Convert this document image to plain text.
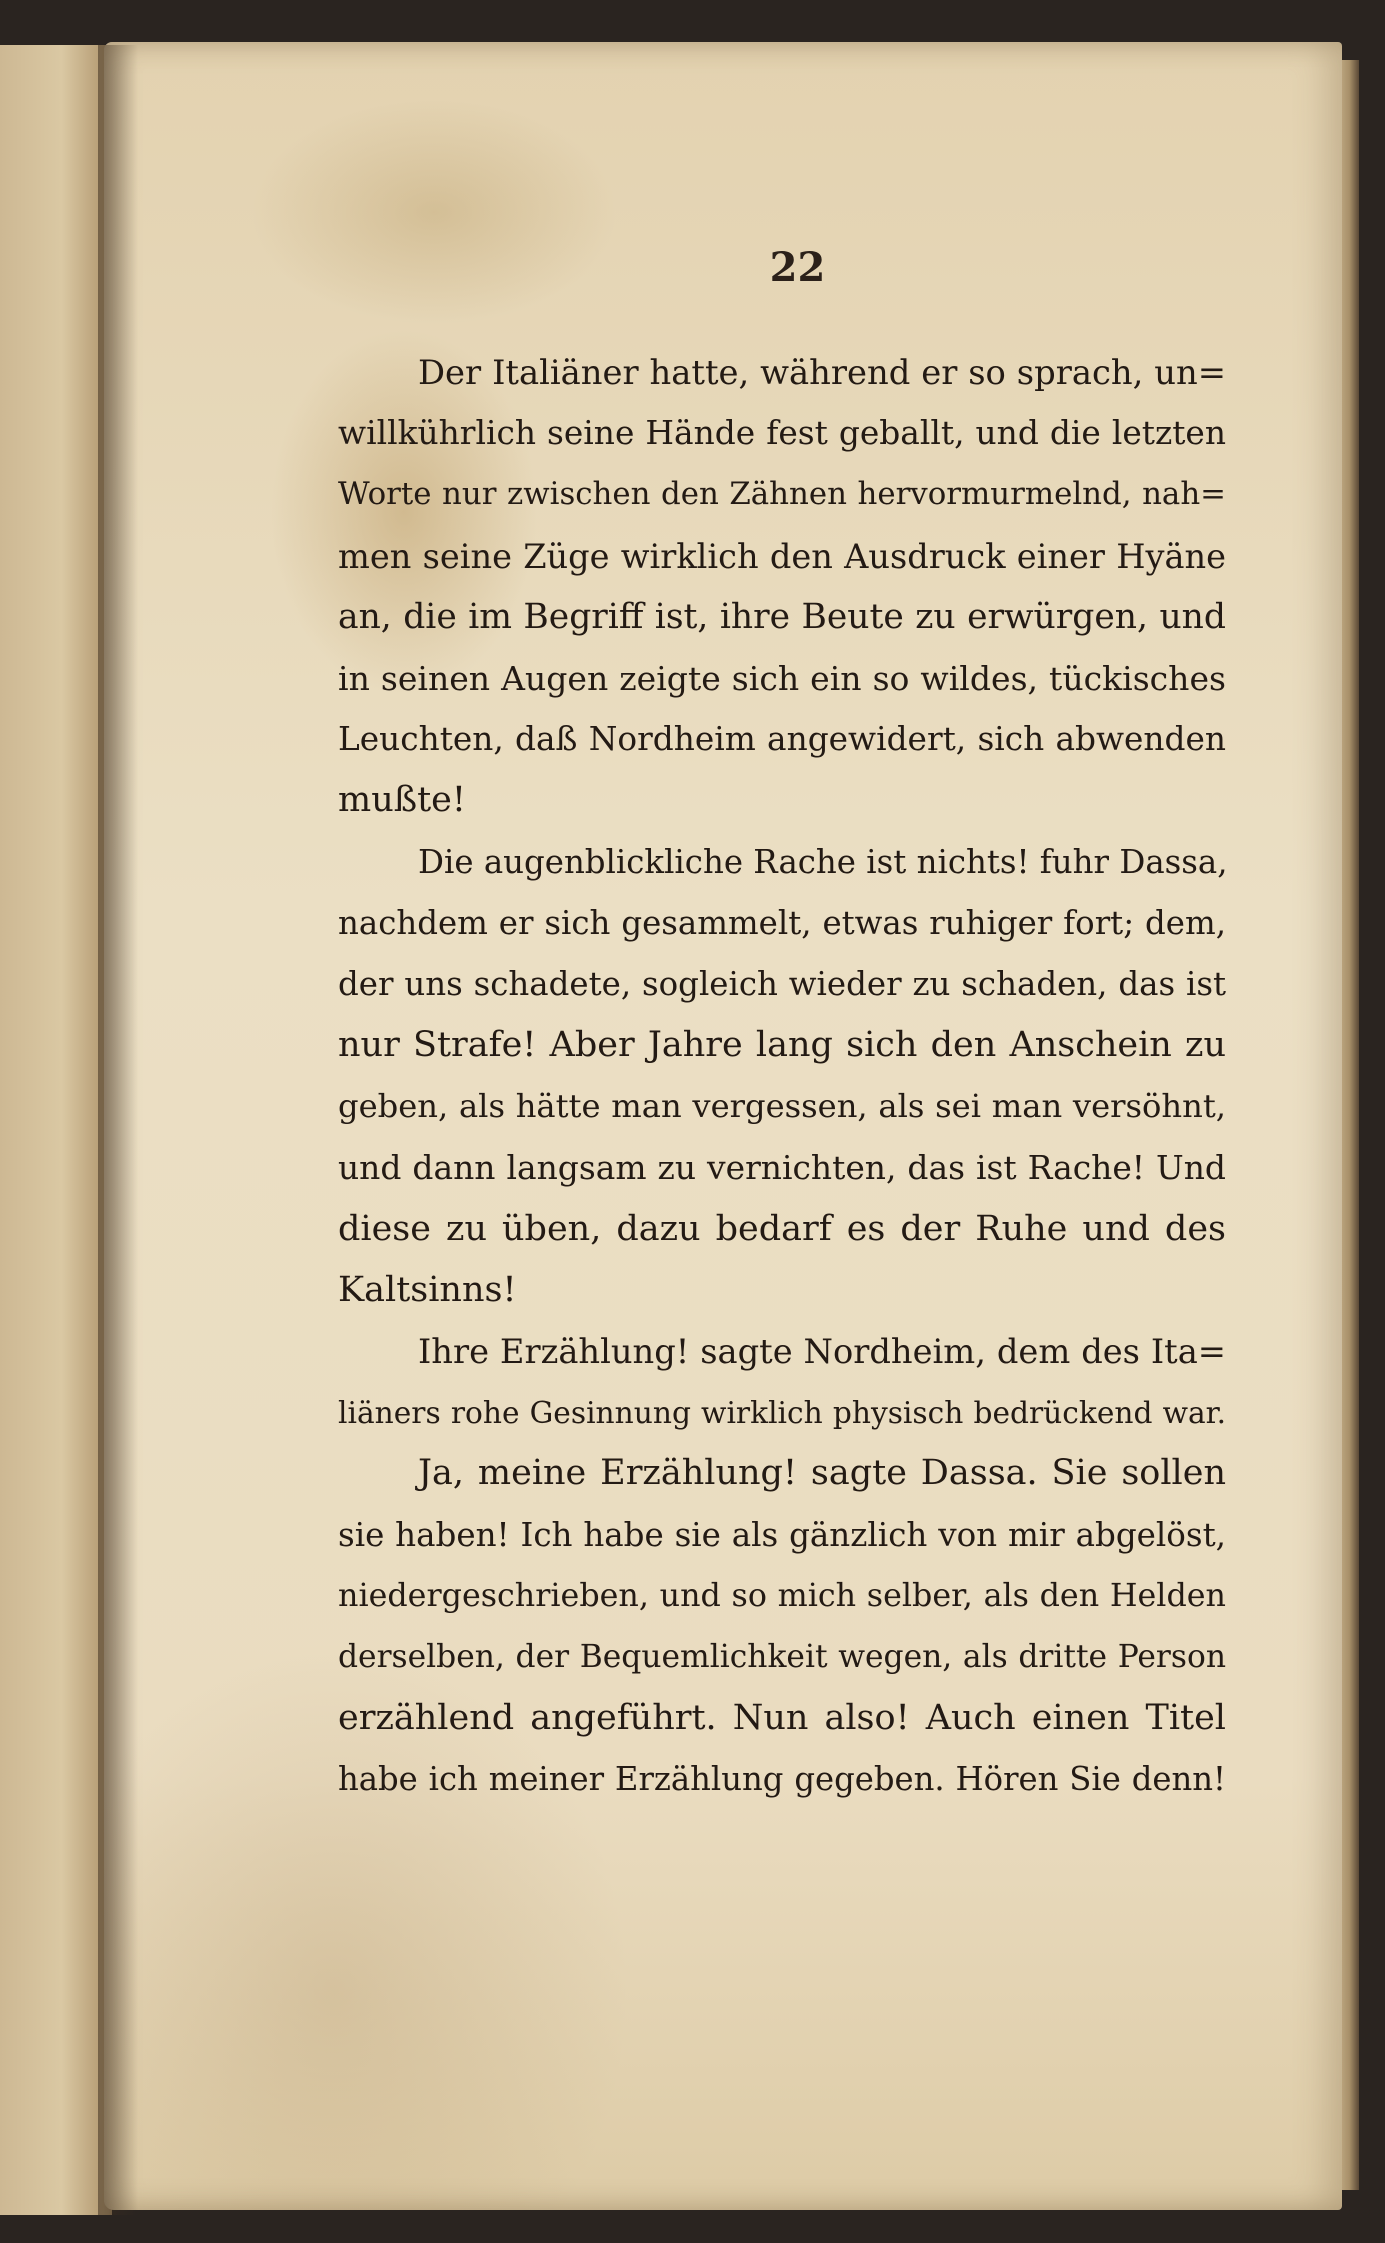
22
Der Italiäner hatte, während er so sprach, un=
willkührlich seine Hände fest geballt, und die letzten
Worte nur zwischen den Zähnen hervormurmelnd, nah=
men seine Züge wirklich den Ausdruck einer Hyäne
an, die im Begriff ist, ihre Beute zu erwürgen, und
in seinen Augen zeigte sich ein so wildes, tückisches
Leuchten, daß Nordheim angewidert, sich abwenden
mußte!
Die augenblickliche Rache ist nichts! fuhr Dassa,
nachdem er sich gesammelt, etwas ruhiger fort; dem,
der uns schadete, sogleich wieder zu schaden, das ist
nur Strafe! Aber Jahre lang sich den Anschein zu
geben, als hätte man vergessen, als sei man versöhnt,
und dann langsam zu vernichten, das ist Rache! Und
diese zu üben, dazu bedarf es der Ruhe und des
Kaltsinns!
Ihre Erzählung! sagte Nordheim, dem des Ita=
liäners rohe Gesinnung wirklich physisch bedrückend war.
Ja, meine Erzählung! sagte Dassa. Sie sollen
sie haben! Ich habe sie als gänzlich von mir abgelöst,
niedergeschrieben, und so mich selber, als den Helden
derselben, der Bequemlichkeit wegen, als dritte Person
erzählend angeführt. Nun also! Auch einen Titel
habe ich meiner Erzählung gegeben. Hören Sie denn!
